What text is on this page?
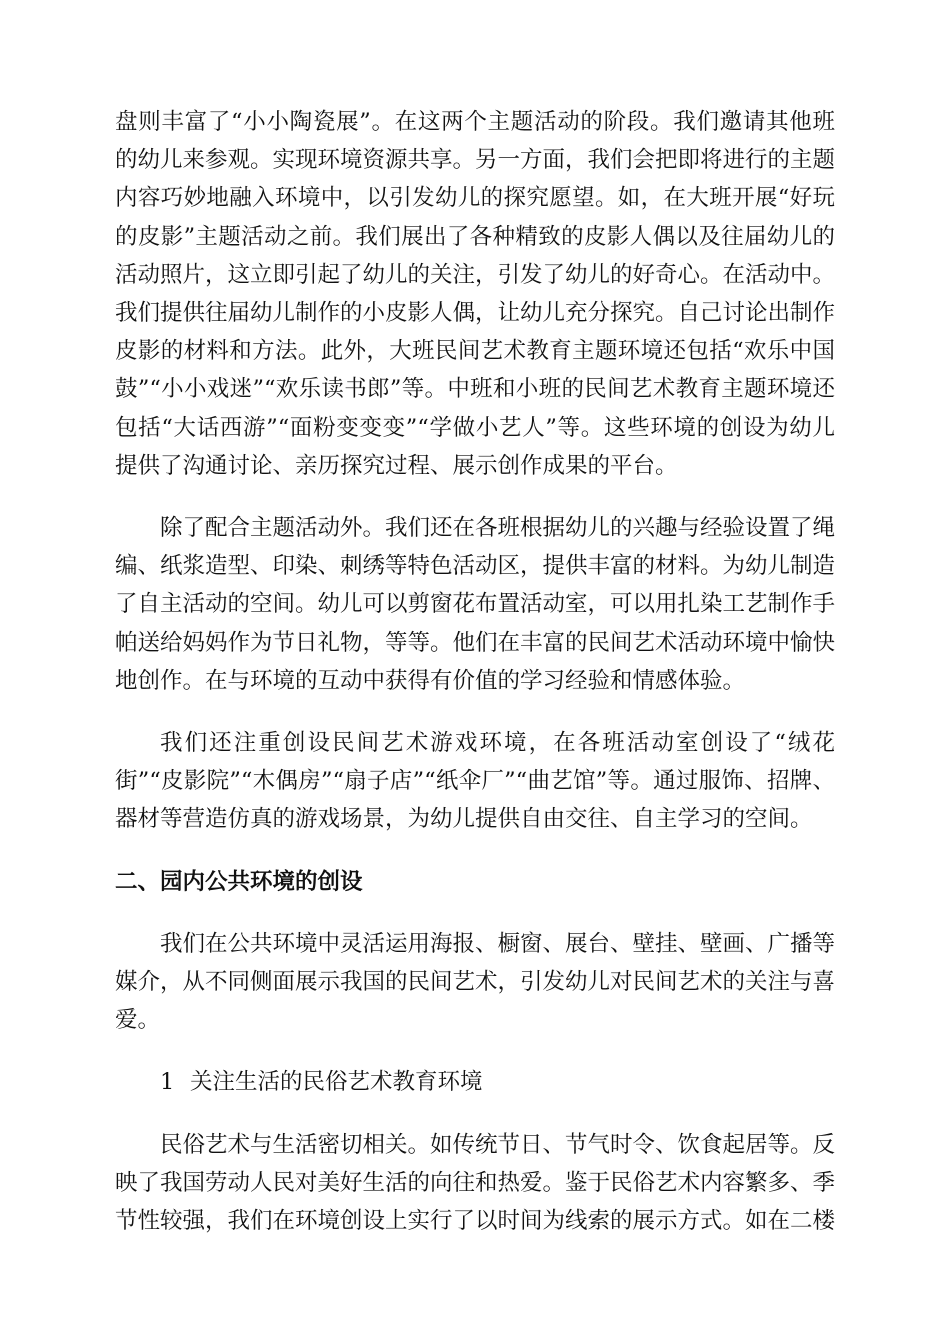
盘则丰富了“小小陶瓷展”。在这两个主题活动的阶段。我们邀请其他班的幼儿来参观。实现环境资源共享。另一方面，我们会把即将进行的主题内容巧妙地融入环境中，以引发幼儿的探究愿望。如，在大班开展“好玩的皮影”主题活动之前。我们展出了各种精致的皮影人偶以及往届幼儿的活动照片，这立即引起了幼儿的关注，引发了幼儿的好奇心。在活动中。我们提供往届幼儿制作的小皮影人偶，让幼儿充分探究。自己讨论出制作皮影的材料和方法。此外，大班民间艺术教育主题环境还包括“欢乐中国鼓”“小小戏迷”“欢乐读书郎”等。中班和小班的民间艺术教育主题环境还包括“大话西游”“面粉变变变”“学做小艺人”等。这些环境的创设为幼儿提供了沟通讨论、亲历探究过程、展示创作成果的平台。

除了配合主题活动外。我们还在各班根据幼儿的兴趣与经验设置了绳编、纸浆造型、印染、刺绣等特色活动区，提供丰富的材料。为幼儿制造了自主活动的空间。幼儿可以剪窗花布置活动室，可以用扎染工艺制作手帕送给妈妈作为节日礼物，等等。他们在丰富的民间艺术活动环境中愉快地创作。在与环境的互动中获得有价值的学习经验和情感体验。

我们还注重创设民间艺术游戏环境，在各班活动室创设了“绒花街”“皮影院”“木偶房”“扇子店”“纸伞厂”“曲艺馆”等。通过服饰、招牌、器材等营造仿真的游戏场景，为幼儿提供自由交往、自主学习的空间。

二、园内公共环境的创设

我们在公共环境中灵活运用海报、橱窗、展台、壁挂、壁画、广播等媒介，从不同侧面展示我国的民间艺术，引发幼儿对民间艺术的关注与喜爱。

1 关注生活的民俗艺术教育环境

民俗艺术与生活密切相关。如传统节日、节气时令、饮食起居等。反映了我国劳动人民对美好生活的向往和热爱。鉴于民俗艺术内容繁多、季节性较强，我们在环境创设上实行了以时间为线索的展示方式。如在二楼
